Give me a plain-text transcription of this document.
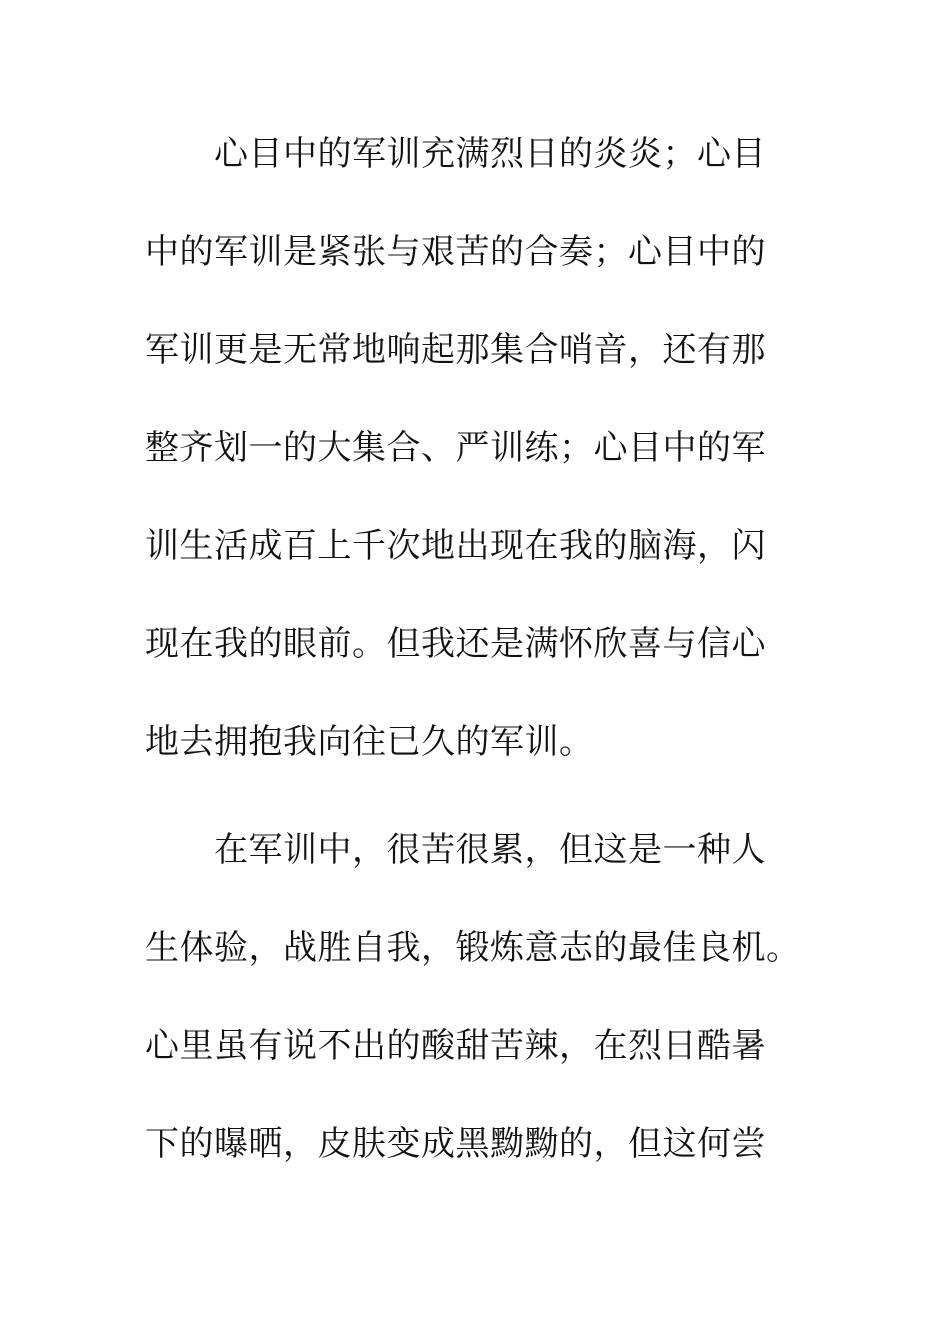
心目中的军训充满烈日的炎炎；心目
中的军训是紧张与艰苦的合奏；心目中的
军训更是无常地响起那集合哨音，还有那
整齐划一的大集合、严训练；心目中的军
训生活成百上千次地出现在我的脑海，闪
现在我的眼前。但我还是满怀欣喜与信心
地去拥抱我向往已久的军训。
在军训中，很苦很累，但这是一种人
生体验，战胜自我，锻炼意志的最佳良机。
心里虽有说不出的酸甜苦辣，在烈日酷暑
下的曝晒，皮肤变成黑黝黝的，但这何尝
